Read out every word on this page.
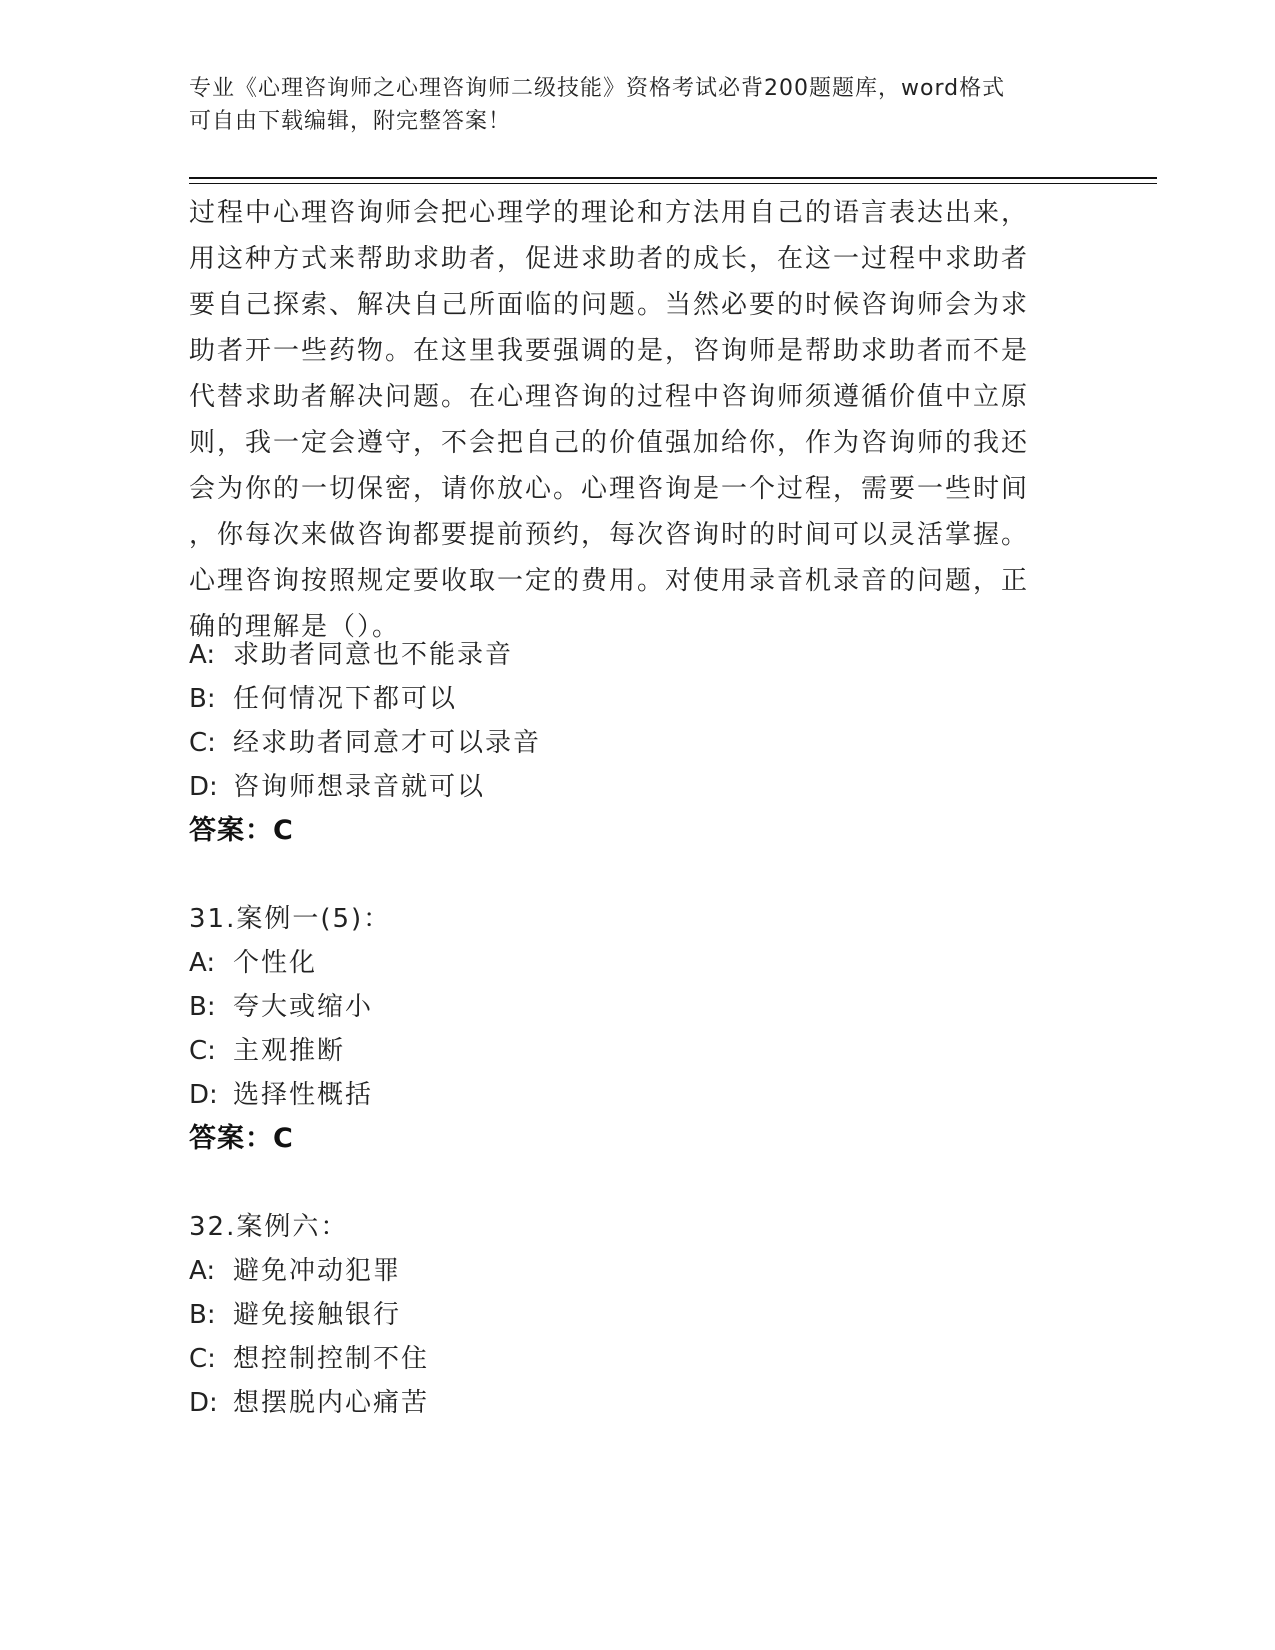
专业《心理咨询师之心理咨询师二级技能》资格考试必背200题题库，word格式
可自由下载编辑，附完整答案！
过程中心理咨询师会把心理学的理论和方法用自己的语言表达出来，
用这种方式来帮助求助者，促进求助者的成长，在这一过程中求助者
要自己探索、解决自己所面临的问题。当然必要的时候咨询师会为求
助者开一些药物。在这里我要强调的是，咨询师是帮助求助者而不是
代替求助者解决问题。在心理咨询的过程中咨询师须遵循价值中立原
则，我一定会遵守，不会把自己的价值强加给你，作为咨询师的我还
会为你的一切保密，请你放心。心理咨询是一个过程，需要一些时间
，你每次来做咨询都要提前预约，每次咨询时的时间可以灵活掌握。
心理咨询按照规定要收取一定的费用。对使用录音机录音的问题，正
确的理解是（）。
A: 求助者同意也不能录音
B: 任何情况下都可以
C: 经求助者同意才可以录音
D: 咨询师想录音就可以
答案：C
31.案例一(5)：
A: 个性化
B: 夸大或缩小
C: 主观推断
D: 选择性概括
答案：C
32.案例六：
A: 避免冲动犯罪
B: 避免接触银行
C: 想控制控制不住
D: 想摆脱内心痛苦
